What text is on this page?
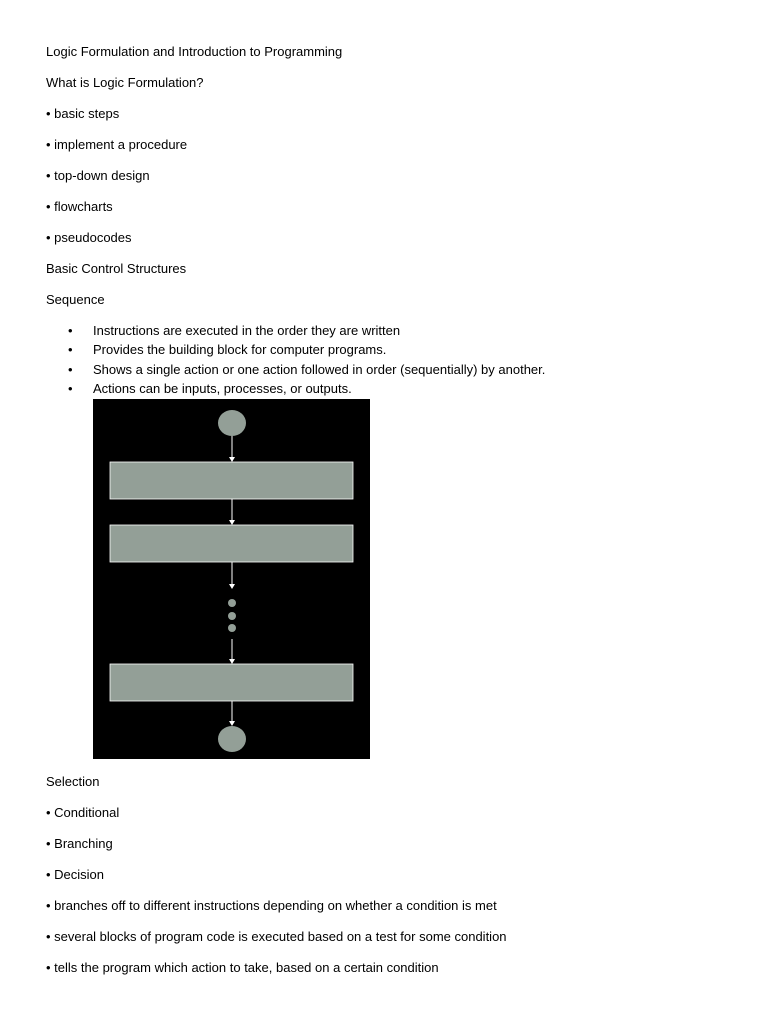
Logic Formulation and Introduction to Programming
What is Logic Formulation?
• basic steps
• implement a procedure
• top-down design
• flowcharts
• pseudocodes
Basic Control Structures
Sequence
• Instructions are executed in the order they are written
• Provides the building block for computer programs.
• Shows a single action or one action followed in order (sequentially) by another.
• Actions can be inputs, processes, or outputs.
Selection
• Conditional
• Branching
• Decision
• branches off to different instructions depending on whether a condition is met
• several blocks of program code is executed based on a test for some condition
• tells the program which action to take, based on a certain condition
